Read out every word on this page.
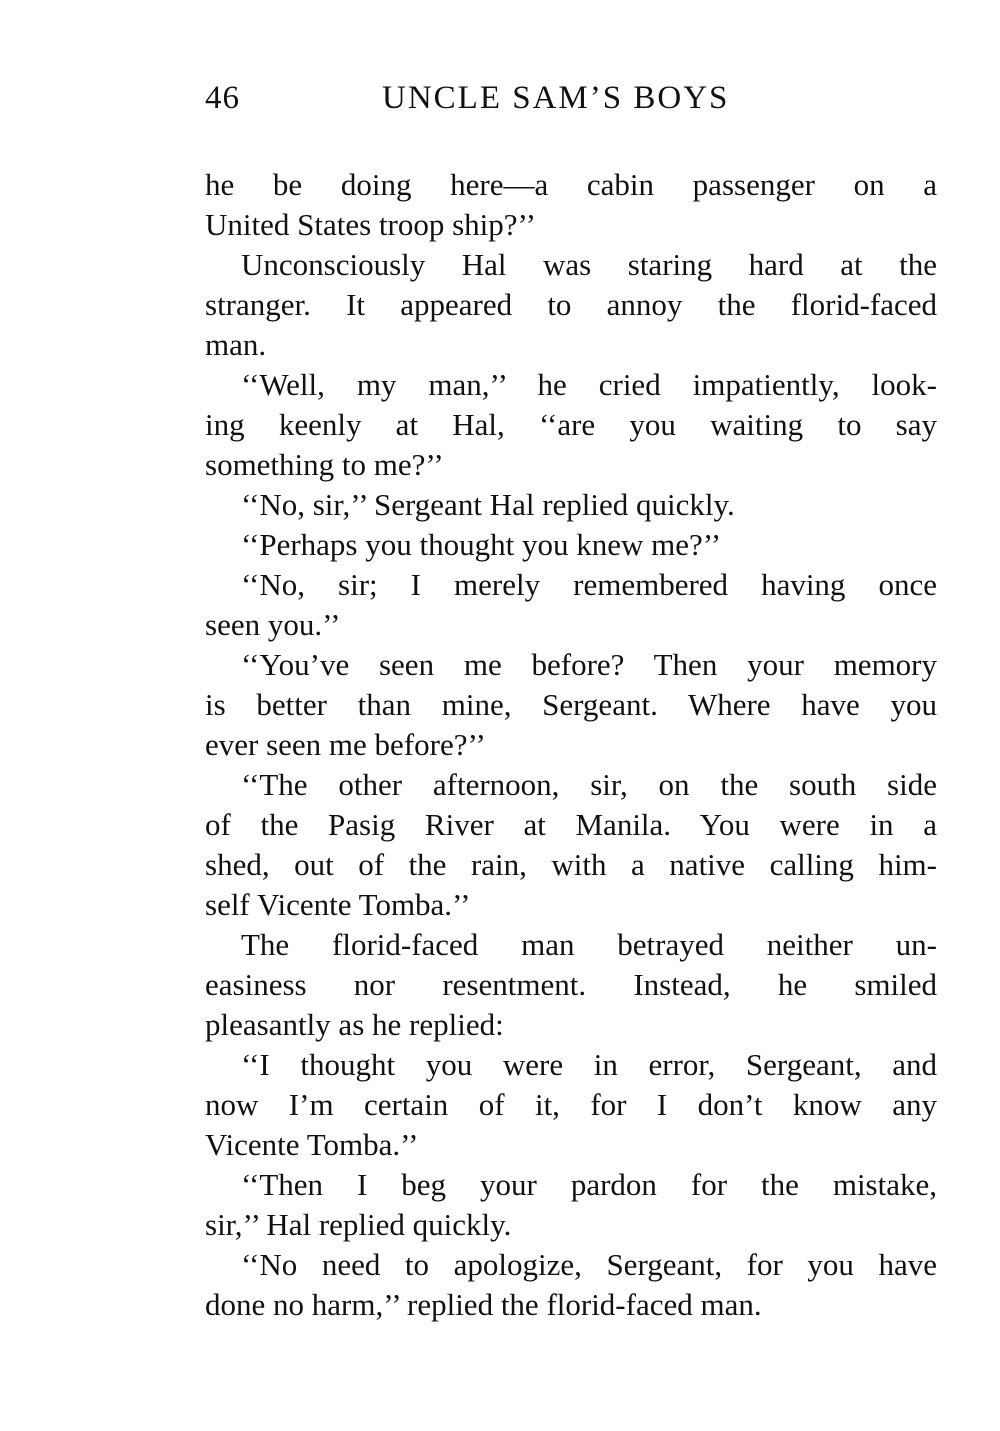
46	UNCLE SAM’S BOYS
he be doing here—a cabin passenger on a
United States troop ship?’’
Unconsciously Hal was staring hard at the
stranger. It appeared to annoy the florid-faced
man.
‘‘Well, my man,’’ he cried impatiently, look-
ing keenly at Hal, ‘‘are you waiting to say
something to me?’’
‘‘No, sir,’’ Sergeant Hal replied quickly.
‘‘Perhaps you thought you knew me?’’
‘‘No, sir; I merely remembered having once
seen you.’’
‘‘You’ve seen me before? Then your memory
is better than mine, Sergeant. Where have you
ever seen me before?’’
‘‘The other afternoon, sir, on the south side
of the Pasig River at Manila. You were in a
shed, out of the rain, with a native calling him-
self Vicente Tomba.’’
The florid-faced man betrayed neither un-
easiness nor resentment. Instead, he smiled
pleasantly as he replied:
‘‘I thought you were in error, Sergeant, and
now I’m certain of it, for I don’t know any
Vicente Tomba.’’
‘‘Then I beg your pardon for the mistake,
sir,’’ Hal replied quickly.
‘‘No need to apologize, Sergeant, for you have
done no harm,’’ replied the florid-faced man.
